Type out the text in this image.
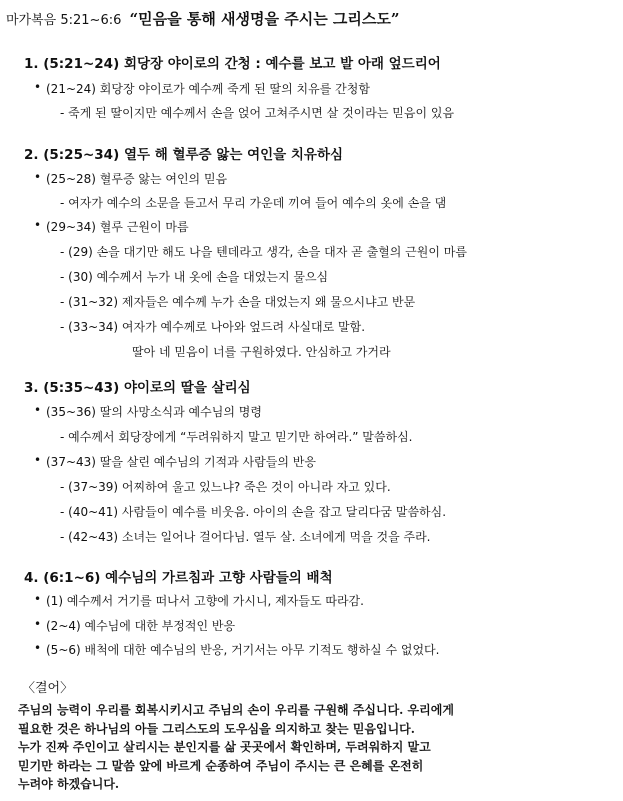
마가복음 5:21~6:6 “믿음을 통해 새생명을 주시는 그리스도”
1. (5:21~24) 회당장 야이로의 간청 : 예수를 보고 발 아래 엎드리어
• (21~24) 회당장 야이로가 예수께 죽게 된 딸의 치유를 간청함
- 죽게 된 딸이지만 예수께서 손을 얹어 고쳐주시면 살 것이라는 믿음이 있음
2. (5:25~34) 열두 해 혈루증 앓는 여인을 치유하심
• (25~28) 혈루증 앓는 여인의 믿음
- 여자가 예수의 소문을 듣고서 무리 가운데 끼여 들어 예수의 옷에 손을 댐
• (29~34) 혈루 근원이 마름
- (29) 손을 대기만 해도 나을 텐데라고 생각, 손을 대자 곧 출혈의 근원이 마름
- (30) 예수께서 누가 내 옷에 손을 대었는지 물으심
- (31~32) 제자들은 예수께 누가 손을 대었는지 왜 물으시냐고 반문
- (33~34) 여자가 예수께로 나아와 엎드려 사실대로 말함.
딸아 네 믿음이 너를 구원하였다. 안심하고 가거라
3. (5:35~43) 야이로의 딸을 살리심
• (35~36) 딸의 사망소식과 예수님의 명령
- 예수께서 회당장에게 “두려워하지 말고 믿기만 하여라.” 말씀하심.
• (37~43) 딸을 살린 예수님의 기적과 사람들의 반응
- (37~39) 어찌하여 울고 있느냐? 죽은 것이 아니라 자고 있다.
- (40~41) 사람들이 예수를 비웃음. 아이의 손을 잡고 달리다굼 말씀하심.
- (42~43) 소녀는 일어나 걸어다님. 열두 살. 소녀에게 먹을 것을 주라.
4. (6:1~6) 예수님의 가르침과 고향 사람들의 배척
• (1) 예수께서 거기를 떠나서 고향에 가시니, 제자들도 따라감.
• (2~4) 예수님에 대한 부정적인 반응
• (5~6) 배척에 대한 예수님의 반응, 거기서는 아무 기적도 행하실 수 없었다.
〈결어〉
주님의 능력이 우리를 회복시키시고 주님의 손이 우리를 구원해 주십니다. 우리에게
필요한 것은 하나님의 아들 그리스도의 도우심을 의지하고 찾는 믿음입니다.
누가 진짜 주인이고 살리시는 분인지를 삶 곳곳에서 확인하며, 두려워하지 말고
믿기만 하라는 그 말씀 앞에 바르게 순종하여 주님이 주시는 큰 은혜를 온전히
누려야 하겠습니다.
